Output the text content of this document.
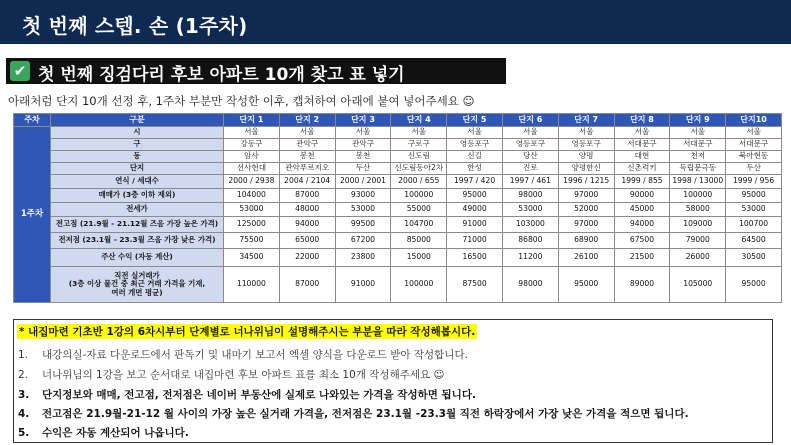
첫 번째 스텝. 손 (1주차)
✔ 첫 번째 징검다리 후보 아파트 10개 찾고 표 넣기
아래처럼 단지 10개 선정 후, 1주차 부분만 작성한 이후, 캡쳐하여 아래에 붙여 넣어주세요 ☺
주차	구분	단지 1	단지 2	단지 3	단지 4	단지 5	단지 6	단지 7	단지 8	단지 9	단지10
1주차	시	서울	서울	서울	서울	서울	서울	서울	서울	서울	서울
	구	강동구	관악구	관악구	구로구	영등포구	영등포구	영등포구	서대문구	서대문구	서대문구
	동	암사	봉천	봉천	신도림	신길	당산	양평	대현	천저	북아현동
	단지	선사현대	관악푸르지오	두산	신도림동아2차	한성	진로	양평한신	신촌럭키	독립문극동	두산
	연식 / 세대수	2000 / 2938	2004 / 2104	2000 / 2001	2000 / 655	1997 / 420	1997 / 461	1996 / 1215	1999 / 855	1998 / 13000	1999 / 956
	매매가 (3층 이하 제외)	104000	87000	93000	100000	95000	98000	97000	90000	100000	95000
	전세가	53000	48000	53000	55000	49000	53000	52000	45000	58000	53000
	전고점 (21.9월 - 21.12월 즈음 가장 높은 가격)	125000	94000	99500	104700	91000	103000	97000	94000	109000	100700
	전저점 (23.1월 - 23.3월 즈음 가장 낮은 가격)	75500	65000	67200	85000	71000	86800	68900	67500	79000	64500
	주산 수익 (자동 계산)	34500	22000	23800	15000	16500	11200	26100	21500	26000	30500
	직전 실거래가
(3층 이상 물건 중 최근 거래 가격을 기재,
여러 개면 평균)	110000	87000	91000	100000	87500	98000	95000	89000	105000	95000
* 내집마련 기초반 1강의 6차시부터 단계별로 너나위님이 설명해주시는 부분을 따라 작성해봅시다.
1. 내강의실-자료 다운로드에서 판독기 및 내마기 보고서 엑셀 양식을 다운로드 받아 작성합니다.
2. 너나위님의 1강을 보고 순서대로 내집마련 후보 아파트 표를 최소 10개 작성해주세요 ☺
3. 단지정보와 매매, 전고점, 전저점은 네이버 부동산에 실제로 나와있는 가격을 작성하면 됩니다.
4. 전고점은 21.9월-21-12 월 사이의 가장 높은 실거래 가격을, 전저점은 23.1월 -23.3월 직전 하락장에서 가장 낮은 가격을 적으면 됩니다.
5. 수익은 자동 계산되어 나옵니다.
